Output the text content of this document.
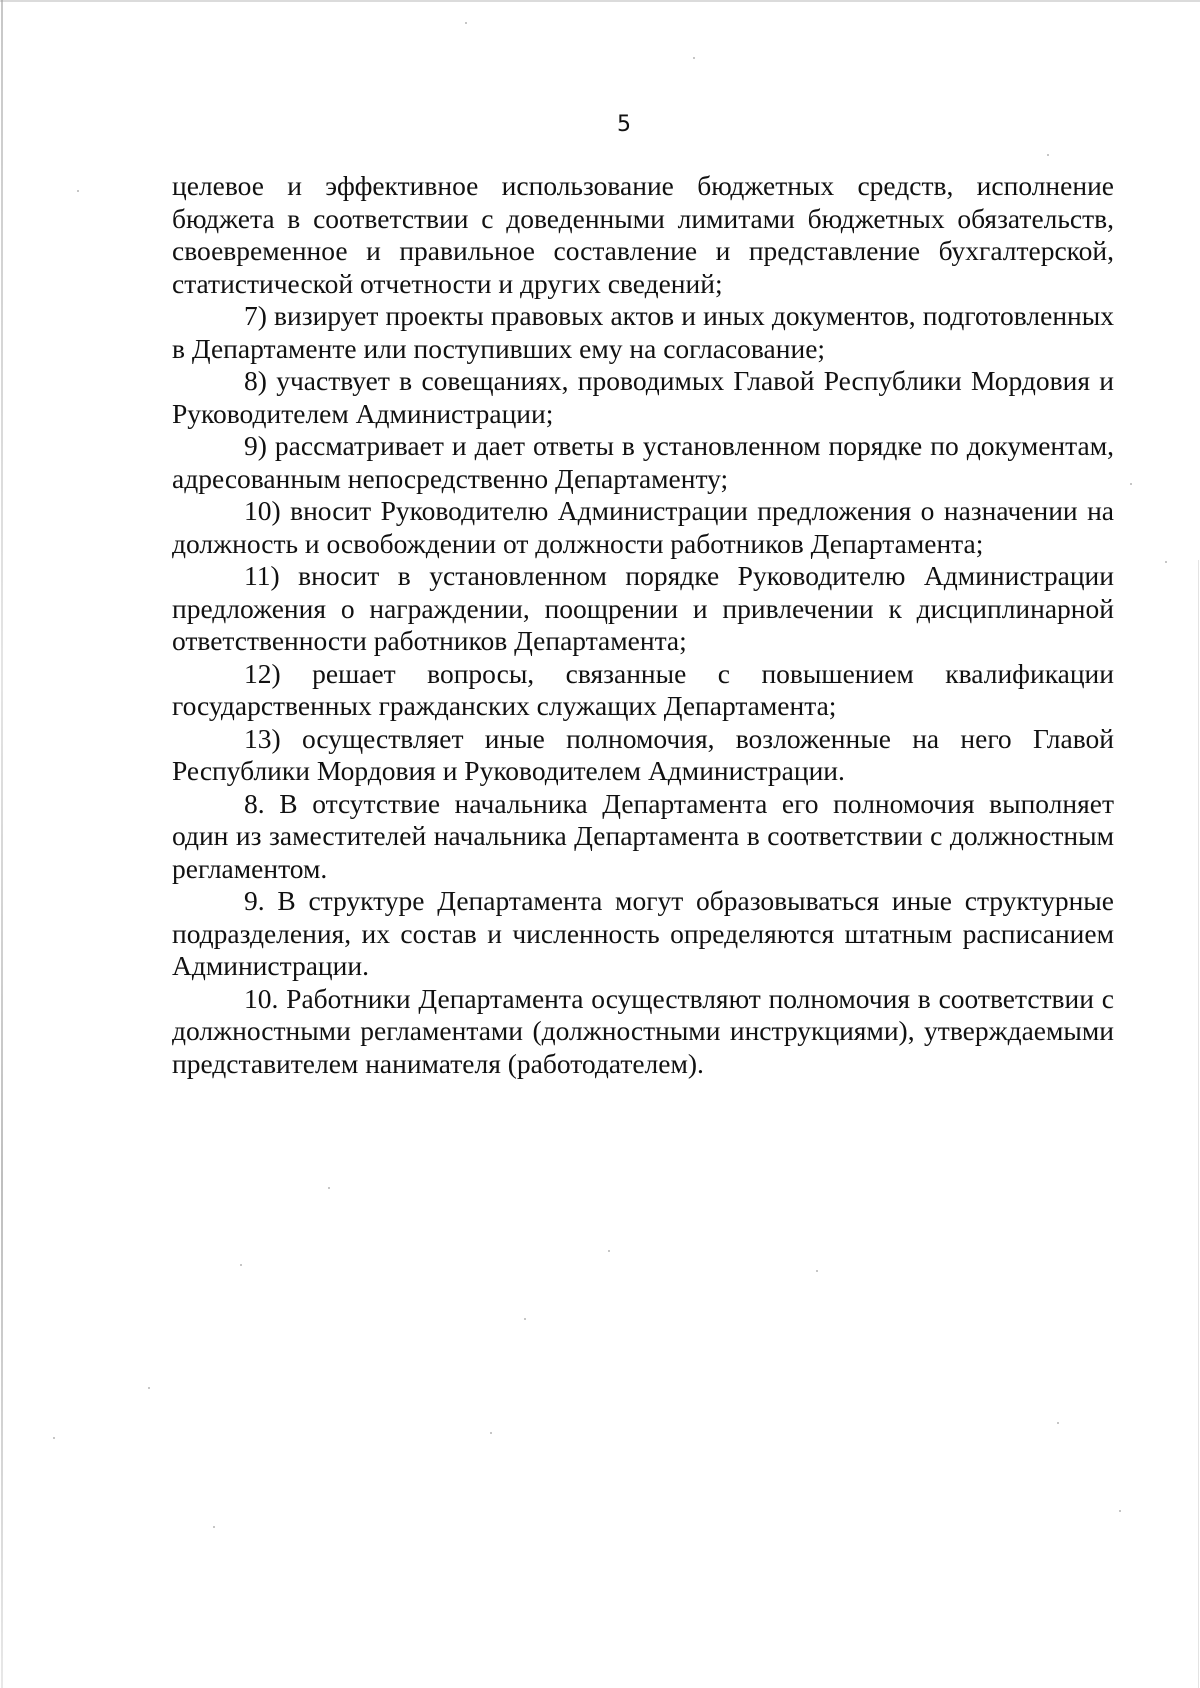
5

целевое и эффективное использование бюджетных средств, исполнение бюджета в соответствии с доведенными лимитами бюджетных обязательств, своевременное и правильное составление и представление бухгалтерской, статистической отчетности и других сведений;

7) визирует проекты правовых актов и иных документов, подготовленных в Департаменте или поступивших ему на согласование;

8) участвует в совещаниях, проводимых Главой Республики Мордовия и Руководителем Администрации;

9) рассматривает и дает ответы в установленном порядке по документам, адресованным непосредственно Департаменту;

10) вносит Руководителю Администрации предложения о назначении на должность и освобождении от должности работников Департамента;

11) вносит в установленном порядке Руководителю Администрации предложения о награждении, поощрении и привлечении к дисциплинарной ответственности работников Департамента;

12) решает вопросы, связанные с повышением квалификации государственных гражданских служащих Департамента;

13) осуществляет иные полномочия, возложенные на него Главой Республики Мордовия и Руководителем Администрации.

8. В отсутствие начальника Департамента его полномочия выполняет один из заместителей начальника Департамента в соответствии с должностным регламентом.

9. В структуре Департамента могут образовываться иные структурные подразделения, их состав и численность определяются штатным расписанием Администрации.

10. Работники Департамента осуществляют полномочия в соответствии с должностными регламентами (должностными инструкциями), утверждаемыми представителем нанимателя (работодателем).
